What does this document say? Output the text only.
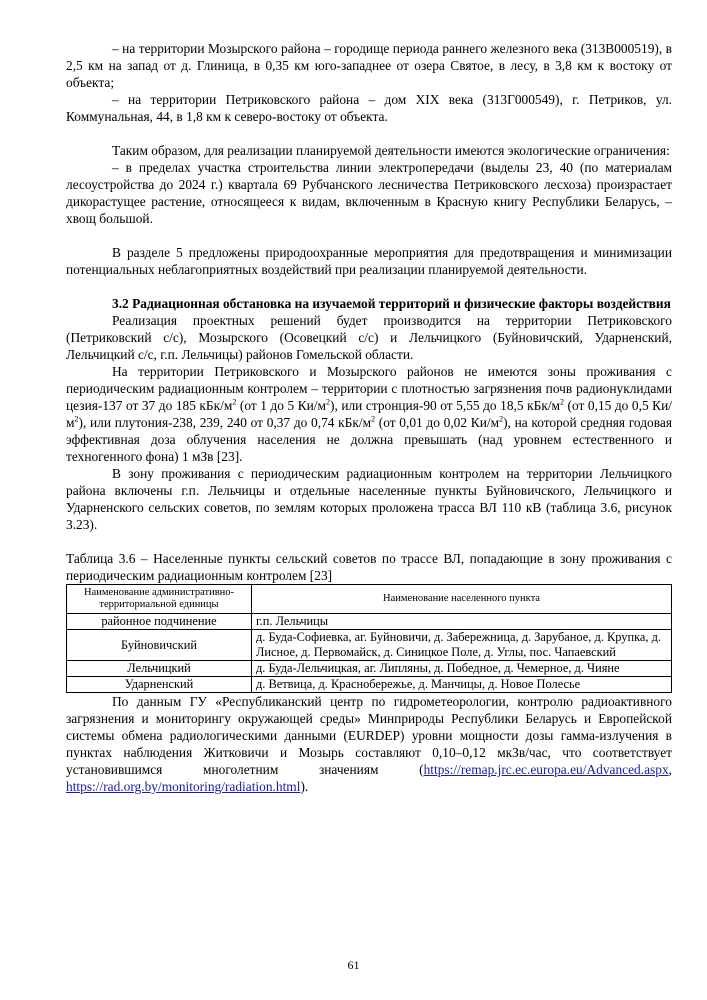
– на территории Мозырского района – городище периода раннего железного века (313В000519), в 2,5 км на запад от д. Глиница, в 0,35 км юго-западнее от озера Святое, в лесу, в 3,8 км к востоку от объекта;

– на территории Петриковского района – дом XIX века (313Г000549), г. Петриков, ул. Коммунальная, 44, в 1,8 км к северо-востоку от объекта.

Таким образом, для реализации планируемой деятельности имеются экологические ограничения:

– в пределах участка строительства линии электропередачи (выделы 23, 40 (по материалам лесоустройства до 2024 г.) квартала 69 Рубчанского лесничества Петриковского лесхоза) произрастает дикорастущее растение, относящееся к видам, включенным в Красную книгу Республики Беларусь, – хвощ большой.

В разделе 5 предложены природоохранные мероприятия для предотвращения и минимизации потенциальных неблагоприятных воздействий при реализации планируемой деятельности.

3.2 Радиационная обстановка на изучаемой территорий и физические факторы воздействия

Реализация проектных решений будет производится на территории Петриковского (Петриковский с/с), Мозырского (Осовецкий с/с) и Лельчицкого (Буйновичский, Ударненский, Лельчицкий с/с, г.п. Лельчицы) районов Гомельской области.

На территории Петриковского и Мозырского районов не имеются зоны проживания с периодическим радиационным контролем – территории с плотностью загрязнения почв радионуклидами цезия-137 от 37 до 185 кБк/$м^2$ (от 1 до 5 $Ки/м^2$), или стронция-90 от 5,55 до 18,5 кБк/$м^2$ (от 0,15 до 0,5 $Ки/м^2$), или плутония-238, 239, 240 от 0,37 до 0,74 кБк/$м^2$ (от 0,01 до 0,02 $Ки/м^2$), на которой средняя годовая эффективная доза облучения населения не должна превышать (над уровнем естественного и техногенного фона) 1 мЗв [23].

В зону проживания с периодическим радиационным контролем на территории Лельчицкого района включены г.п. Лельчицы и отдельные населенные пункты Буйновичского, Лельчицкого и Ударненского сельских советов, по землям которых проложена трасса ВЛ 110 кВ (таблица 3.6, рисунок 3.23).

Таблица 3.6 – Населенные пункты сельский советов по трассе ВЛ, попадающие в зону проживания с периодическим радиационным контролем [23]

Наименование административно-территориальной единицы	Наименование населенного пункта
районное подчинение	г.п. Лельчицы
Буйновичский	д. Буда-Софиевка, аг. Буйновичи, д. Забережница, д. Зарубаное, д. Крупка, д. Лисное, д. Первомайск, д. Синицкое Поле, д. Углы, пос. Чапаевский
Лельчицкий	д. Буда-Лельчицкая, аг. Липляны, д. Победное, д. Чемерное, д. Чияне
Ударненский	д. Ветвица, д. Краснобережье, д. Манчицы, д. Новое Полесье

По данным ГУ «Республиканский центр по гидрометеорологии, контролю радиоактивного загрязнения и мониторингу окружающей среды» Минприроды Республики Беларусь и Европейской системы обмена радиологическими данными (EURDEP) уровни мощности дозы гамма-излучения в пунктах наблюдения Житковичи и Мозырь составляют 0,10–0,12 мкЗв/час, что соответствует установившимся многолетним значениям (https://remap.jrc.ec.europa.eu/Advanced.aspx, https://rad.org.by/monitoring/radiation.html).

61
